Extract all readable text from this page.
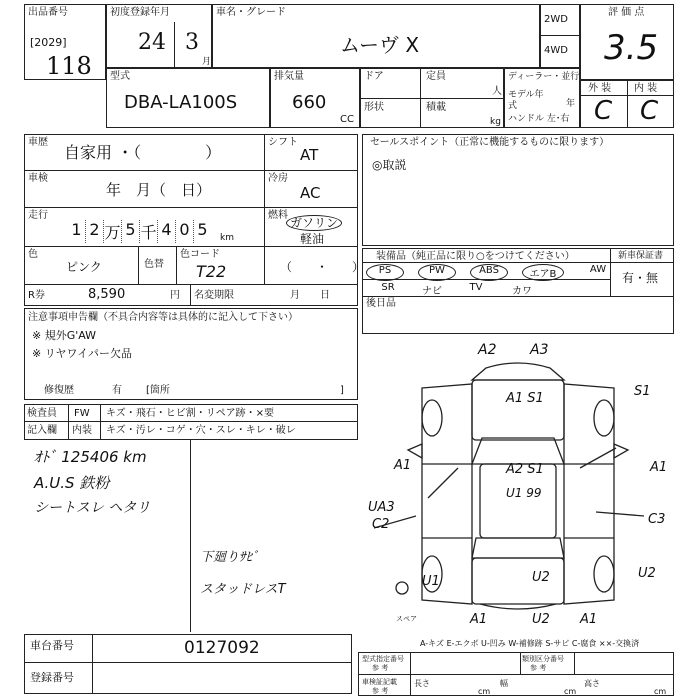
出品番号
[2029]
118
初度登録年月
24 3
月
車名・グレード
ムーヴ X
2WD
4WD
評 価 点
3.5
型式
DBA-LA100S
排気量
660
CC
ドア	定員
人
形状	積載
kg
ディーラー・並行
モデル年式	年
ハンドル 左･右
外 装 内 装
C C
車歴
自家用 ・（　　　　）
車検
年　月（　日）
走行
1 2 万 5 千 4 0 5	km
色
ピンク	色替
色コード
T22
R券	8,590	円 名変期限	月　　日
シフト
AT
冷房
AC
燃料
ガソリン
軽油
（　　・　　）
セールスポイント（正常に機能するものに限ります）
◎取説
装備品（純正品に限り○をつけてください）	新車保証書
有・無
PS	PW	ABS	エアB	AW
SR	ナビ	TV	カワ
後日品
注意事項申告欄（不具合内容等は具体的に記入して下さい）
※ 規外G'AW
※ リヤワイパー欠品
修復歴	有 [箇所	]
検査員
記入欄
FW キズ・飛石・ヒビ割・リペア跡・×要
内装 キズ・汚レ・コゲ・穴・スレ・キレ・破レ
ｵﾄﾞ 125406 km
A.U.S 鉄粉
シートスレ ヘタリ
下廻りｻﾋﾞ
スタッドレスT
A2 A3
A1 S1	S1
A2 S1
U1 99
A1	A1
UA3
C2	C3
U1	U2	U2
A1	U2 A1
スペア
車台番号	0127092
登録番号
A-キズ E-エクボ U-凹み W-補修跡 S-サビ C-腐食 ××-交換済
型式指定番号
参 考
類別区分番号
参 考
車検証記載
参 考
長さ
cm
幅
cm
高さ
cm
